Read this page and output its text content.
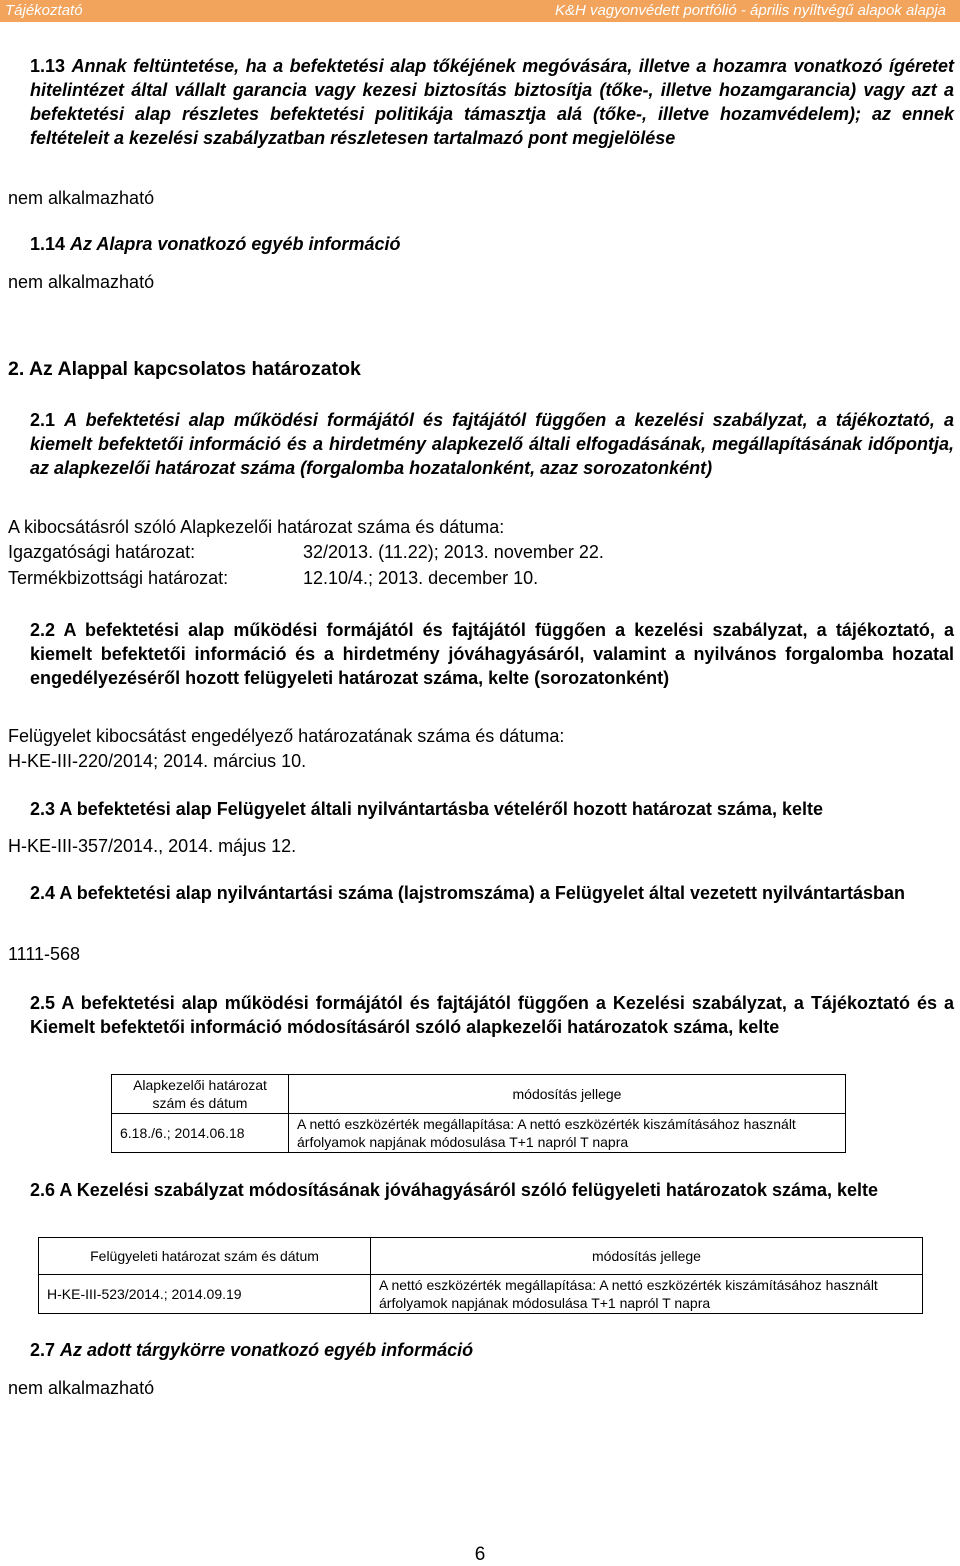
Tájékoztató	K&H vagyonvédett portfólió - április nyíltvégű alapok alapja
1.13 Annak feltüntetése, ha a befektetési alap tőkéjének megóvására, illetve a hozamra vonatkozó ígéretet hitelintézet által vállalt garancia vagy kezesi biztosítás biztosítja (tőke-, illetve hozamgarancia) vagy azt a befektetési alap részletes befektetési politikája támasztja alá (tőke-, illetve hozamvédelem); az ennek feltételeit a kezelési szabályzatban részletesen tartalmazó pont megjelölése
nem alkalmazható
1.14 Az Alapra vonatkozó egyéb információ
nem alkalmazható
2. Az Alappal kapcsolatos határozatok
2.1 A befektetési alap működési formájától és fajtájától függően a kezelési szabályzat, a tájékoztató, a kiemelt befektetői információ és a hirdetmény alapkezelő általi elfogadásának, megállapításának időpontja, az alapkezelői határozat száma (forgalomba hozatalonként, azaz sorozatonként)
A kibocsátásról szóló Alapkezelői határozat száma és dátuma:
Igazgatósági határozat:	32/2013. (11.22); 2013. november 22.
Termékbizottsági határozat:	12.10/4.; 2013. december 10.
2.2 A befektetési alap működési formájától és fajtájától függően a kezelési szabályzat, a tájékoztató, a kiemelt befektetői információ és a hirdetmény jóváhagyásáról, valamint a nyilvános forgalomba hozatal engedélyezéséről hozott felügyeleti határozat száma, kelte (sorozatonként)
Felügyelet kibocsátást engedélyező határozatának száma és dátuma:
H-KE-III-220/2014; 2014. március 10.
2.3 A befektetési alap Felügyelet általi nyilvántartásba vételéről hozott határozat száma, kelte
H-KE-III-357/2014., 2014. május 12.
2.4 A befektetési alap nyilvántartási száma (lajstromszáma) a Felügyelet által vezetett nyilvántartásban
1111-568
2.5 A befektetési alap működési formájától és fajtájától függően a Kezelési szabályzat, a Tájékoztató és a Kiemelt befektetői információ módosításáról szóló alapkezelői határozatok száma, kelte
Alapkezelői határozat szám és dátum	módosítás jellege
6.18./6.; 2014.06.18	A nettó eszközérték megállapítása: A nettó eszközérték kiszámításához használt árfolyamok napjának módosulása T+1 napról T napra
2.6 A Kezelési szabályzat módosításának jóváhagyásáról szóló felügyeleti határozatok száma, kelte
Felügyeleti határozat szám és dátum	módosítás jellege
H-KE-III-523/2014.; 2014.09.19	A nettó eszközérték megállapítása: A nettó eszközérték kiszámításához használt árfolyamok napjának módosulása T+1 napról T napra
2.7 Az adott tárgykörre vonatkozó egyéb információ
nem alkalmazható
6
